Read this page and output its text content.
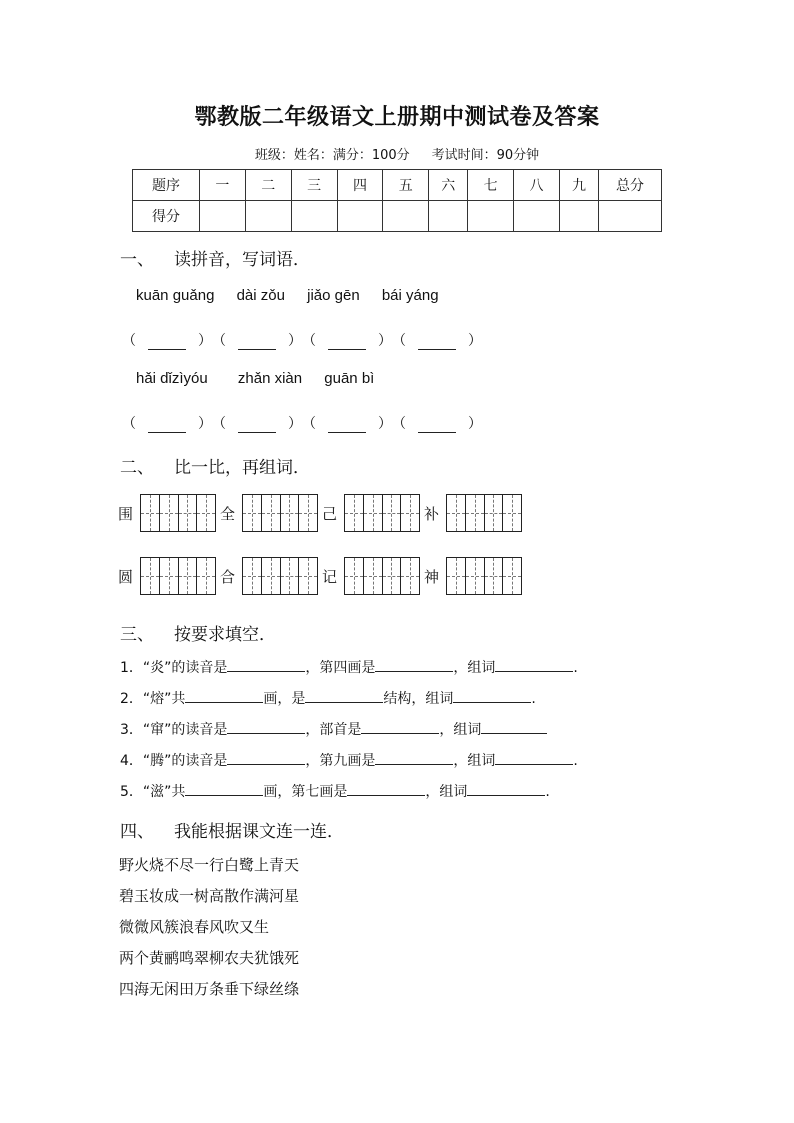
鄂教版二年级语文上册期中测试卷及答案
班级：姓名：满分：100分 考试时间：90分钟
题序	一	二	三	四	五	六	七	八	九	总分
得分										
一、 读拼音，写词语．
kuān guǎng dài zǒu jiǎo gēn bái yáng
（	） （	） （	） （	）
hǎi dǐzìyóu zhǎn xiàn guān bì
（	） （	） （	） （	）
二、 比一比，再组词．
围	全	己	补
圆	合	记	神
三、 按要求填空．
1．“炎”的读音是	，第四画是	，组词	.
2．“熔”共	画，是	结构，组词	.
3．“窜”的读音是	，部首是	，组词
4．“腾”的读音是	，第九画是	，组词	.
5．“滋”共	画，第七画是	，组词	.
四、 我能根据课文连一连．
野火烧不尽一行白鹭上青天
碧玉妆成一树高散作满河星
微微风簇浪春风吹又生
两个黄鹂鸣翠柳农夫犹饿死
四海无闲田万条垂下绿丝绦
